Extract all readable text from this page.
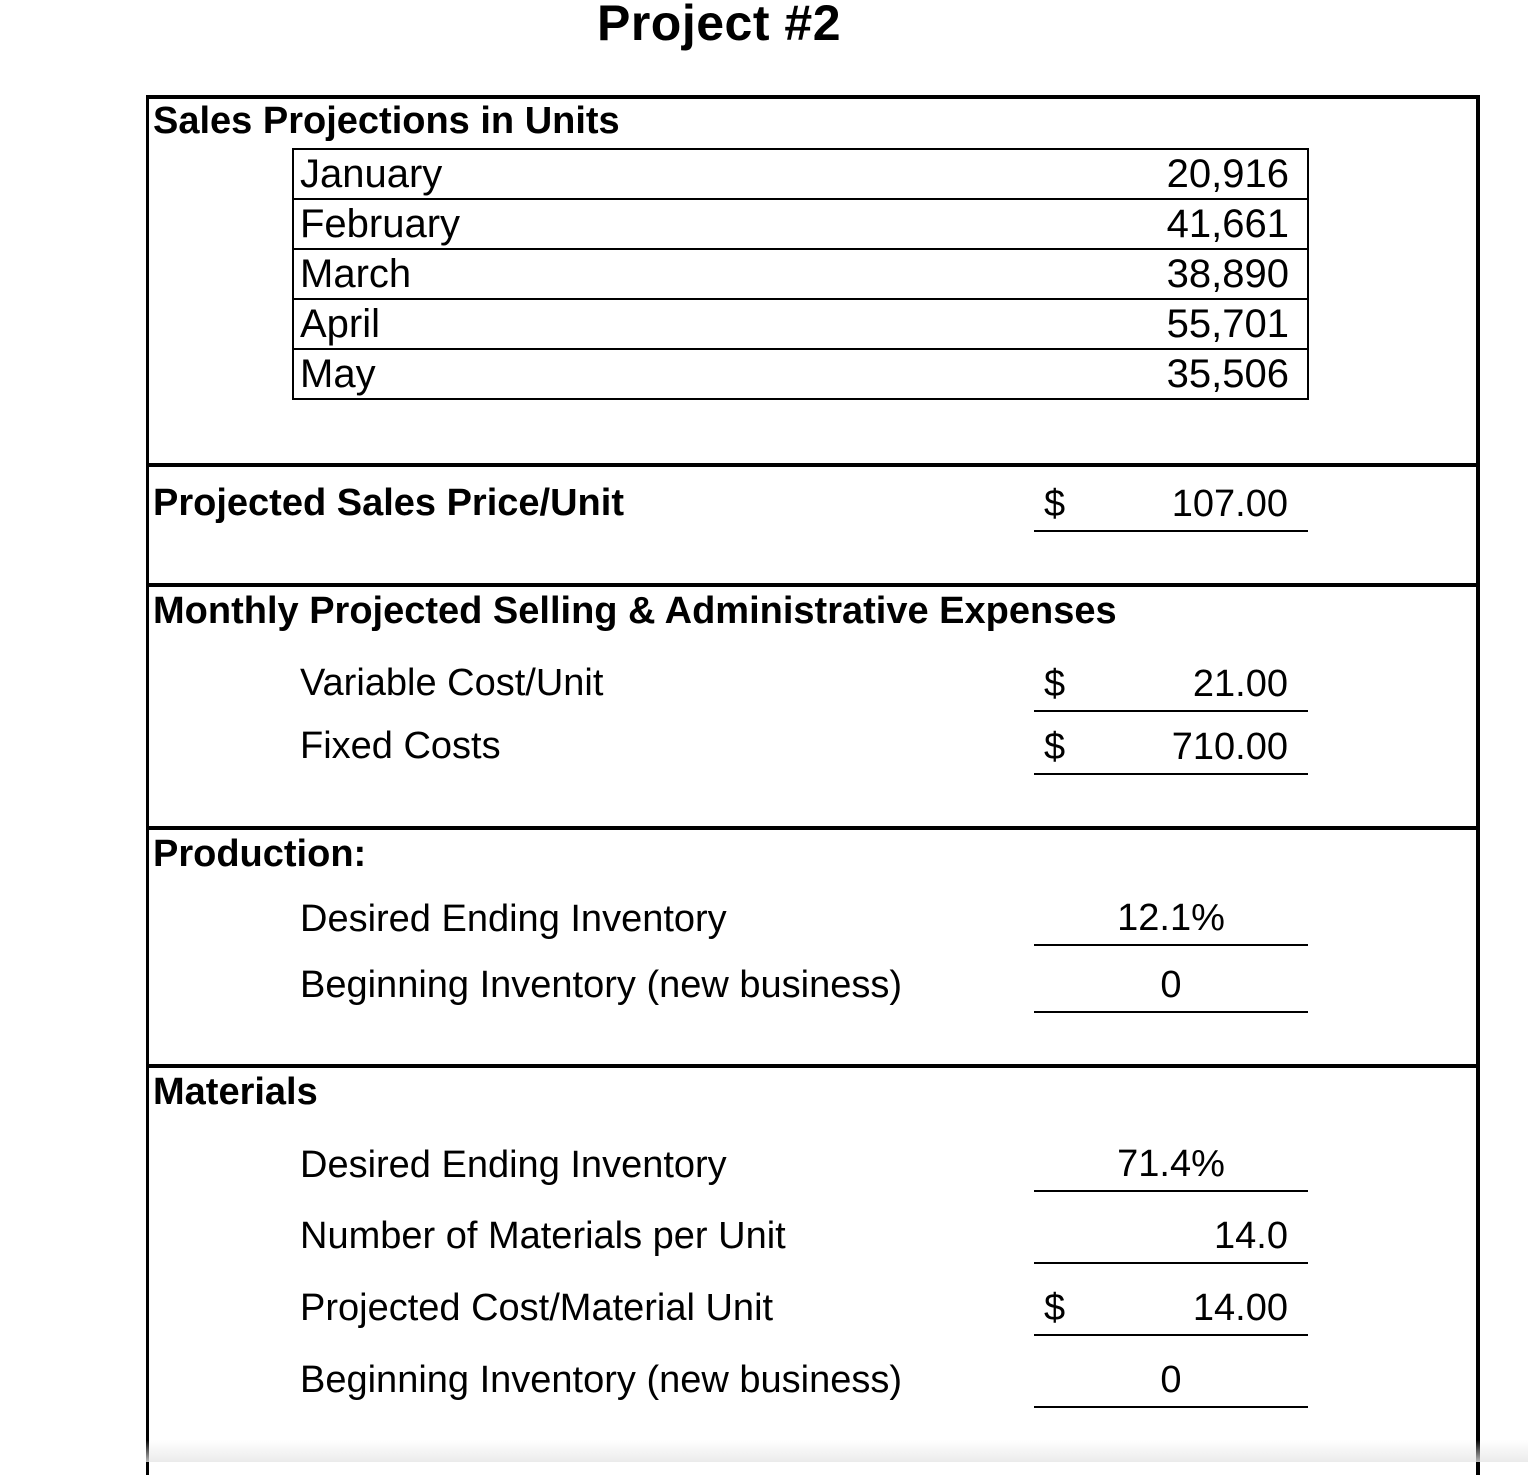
Project #2
Sales Projections in Units
January	20,916
February	41,661
March	38,890
April	55,701
May	35,506
Projected Sales Price/Unit	$	107.00
Monthly Projected Selling & Administrative Expenses
Variable Cost/Unit	$	21.00
Fixed Costs	$	710.00
Production:
Desired Ending Inventory	12.1%
Beginning Inventory (new business)	0
Materials
Desired Ending Inventory	71.4%
Number of Materials per Unit	14.0
Projected Cost/Material Unit	$	14.00
Beginning Inventory (new business)	0
